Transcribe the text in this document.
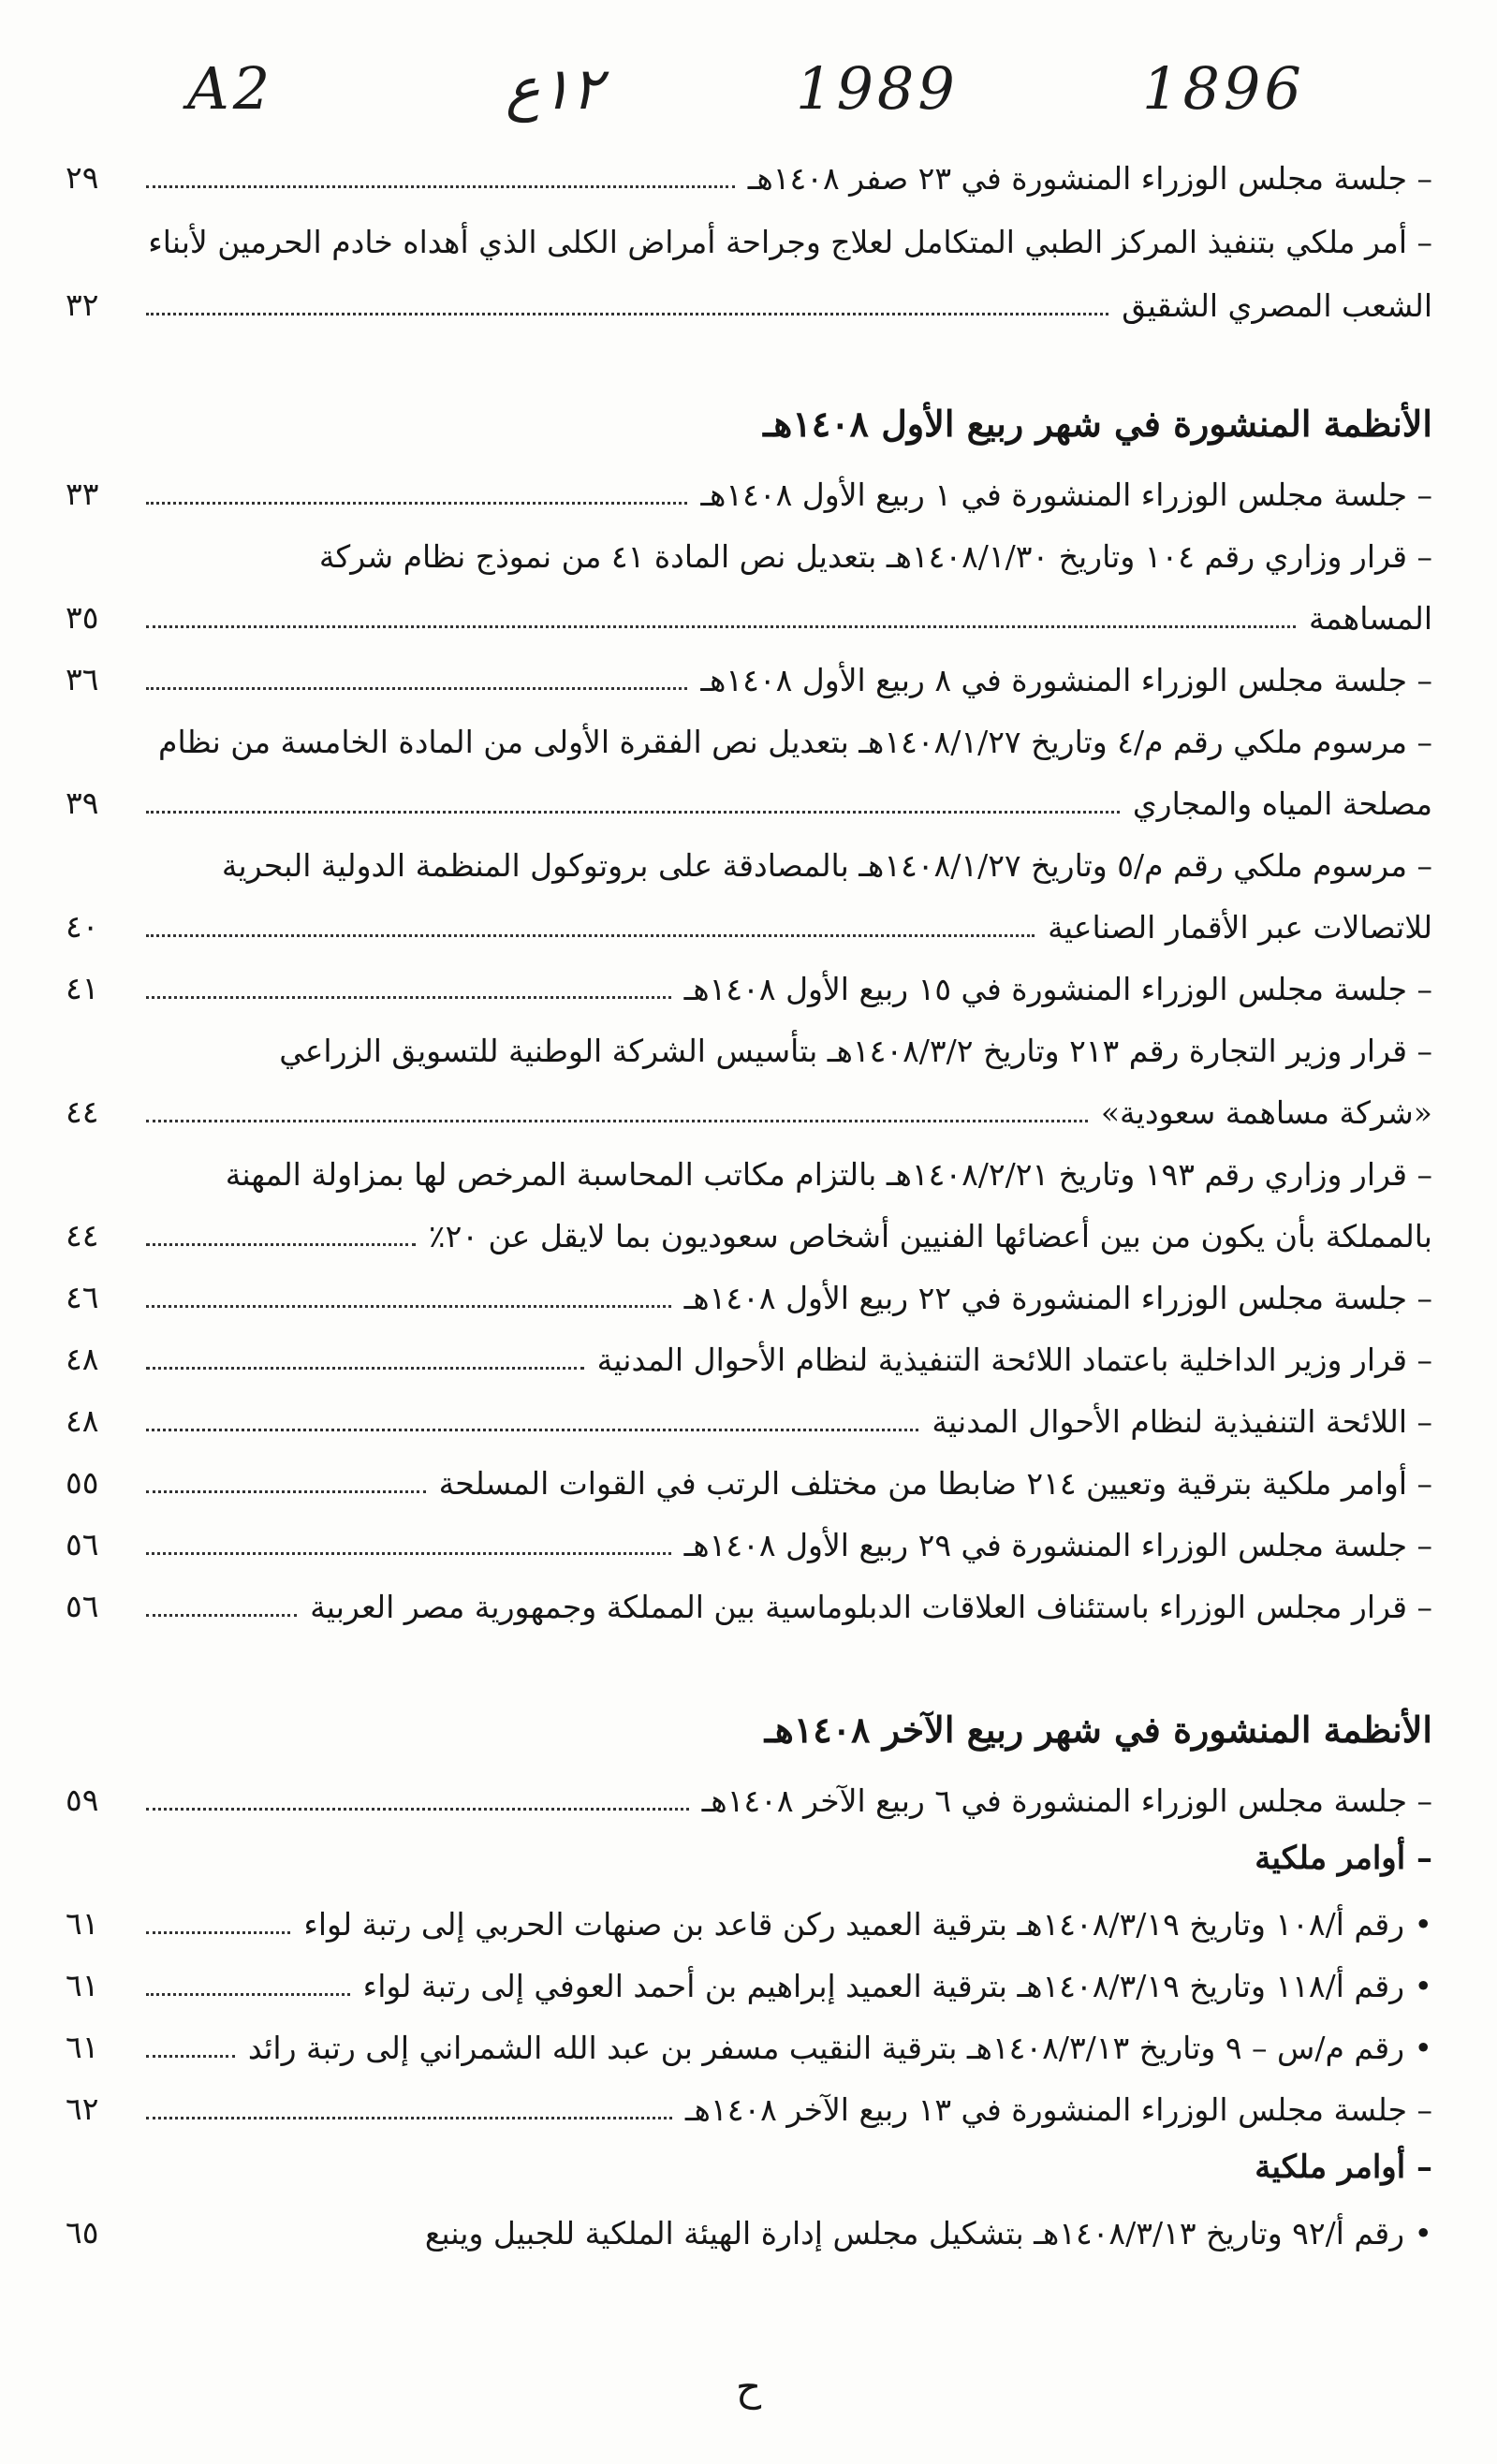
A2	١٢ع	1989	1896
٢٩	– جلسة مجلس الوزراء المنشورة في ٢٣ صفر ١٤٠٨هـ
– أمر ملكي بتنفيذ المركز الطبي المتكامل لعلاج وجراحة أمراض الكلى الذي أهداه خادم الحرمين لأبناء
٣٢	الشعب المصري الشقيق
الأنظمة المنشورة في شهر ربيع الأول ١٤٠٨هـ
٣٣	– جلسة مجلس الوزراء المنشورة في ١ ربيع الأول ١٤٠٨هـ
– قرار وزاري رقم ١٠٤ وتاريخ ١٤٠٨/١/٣٠هـ بتعديل نص المادة ٤١ من نموذج نظام شركة
٣٥	المساهمة
٣٦	– جلسة مجلس الوزراء المنشورة في ٨ ربيع الأول ١٤٠٨هـ
– مرسوم ملكي رقم م/٤ وتاريخ ١٤٠٨/١/٢٧هـ بتعديل نص الفقرة الأولى من المادة الخامسة من نظام
٣٩	مصلحة المياه والمجاري
– مرسوم ملكي رقم م/٥ وتاريخ ١٤٠٨/١/٢٧هـ بالمصادقة على بروتوكول المنظمة الدولية البحرية
٤٠	للاتصالات عبر الأقمار الصناعية
٤١	– جلسة مجلس الوزراء المنشورة في ١٥ ربيع الأول ١٤٠٨هـ
– قرار وزير التجارة رقم ٢١٣ وتاريخ ١٤٠٨/٣/٢هـ بتأسيس الشركة الوطنية للتسويق الزراعي
٤٤	«شركة مساهمة سعودية»
– قرار وزاري رقم ١٩٣ وتاريخ ١٤٠٨/٢/٢١هـ بالتزام مكاتب المحاسبة المرخص لها بمزاولة المهنة
٤٤	بالمملكة بأن يكون من بين أعضائها الفنيين أشخاص سعوديون بما لايقل عن ٢٠٪
٤٦	– جلسة مجلس الوزراء المنشورة في ٢٢ ربيع الأول ١٤٠٨هـ
٤٨	– قرار وزير الداخلية باعتماد اللائحة التنفيذية لنظام الأحوال المدنية
٤٨	– اللائحة التنفيذية لنظام الأحوال المدنية
٥٥	– أوامر ملكية بترقية وتعيين ٢١٤ ضابطا من مختلف الرتب في القوات المسلحة
٥٦	– جلسة مجلس الوزراء المنشورة في ٢٩ ربيع الأول ١٤٠٨هـ
٥٦	– قرار مجلس الوزراء باستئناف العلاقات الدبلوماسية بين المملكة وجمهورية مصر العربية
الأنظمة المنشورة في شهر ربيع الآخر ١٤٠٨هـ
٥٩	– جلسة مجلس الوزراء المنشورة في ٦ ربيع الآخر ١٤٠٨هـ
– أوامر ملكية
٦١	• رقم أ/١٠٨ وتاريخ ١٤٠٨/٣/١٩هـ بترقية العميد ركن قاعد بن صنهات الحربي إلى رتبة لواء
٦١	• رقم أ/١١٨ وتاريخ ١٤٠٨/٣/١٩هـ بترقية العميد إبراهيم بن أحمد العوفي إلى رتبة لواء
٦١	• رقم م/س – ٩ وتاريخ ١٤٠٨/٣/١٣هـ بترقية النقيب مسفر بن عبد الله الشمراني إلى رتبة رائد
٦٢	– جلسة مجلس الوزراء المنشورة في ١٣ ربيع الآخر ١٤٠٨هـ
– أوامر ملكية
٦٥	• رقم أ/٩٢ وتاريخ ١٤٠٨/٣/١٣هـ بتشكيل مجلس إدارة الهيئة الملكية للجبيل وينبع
ح
